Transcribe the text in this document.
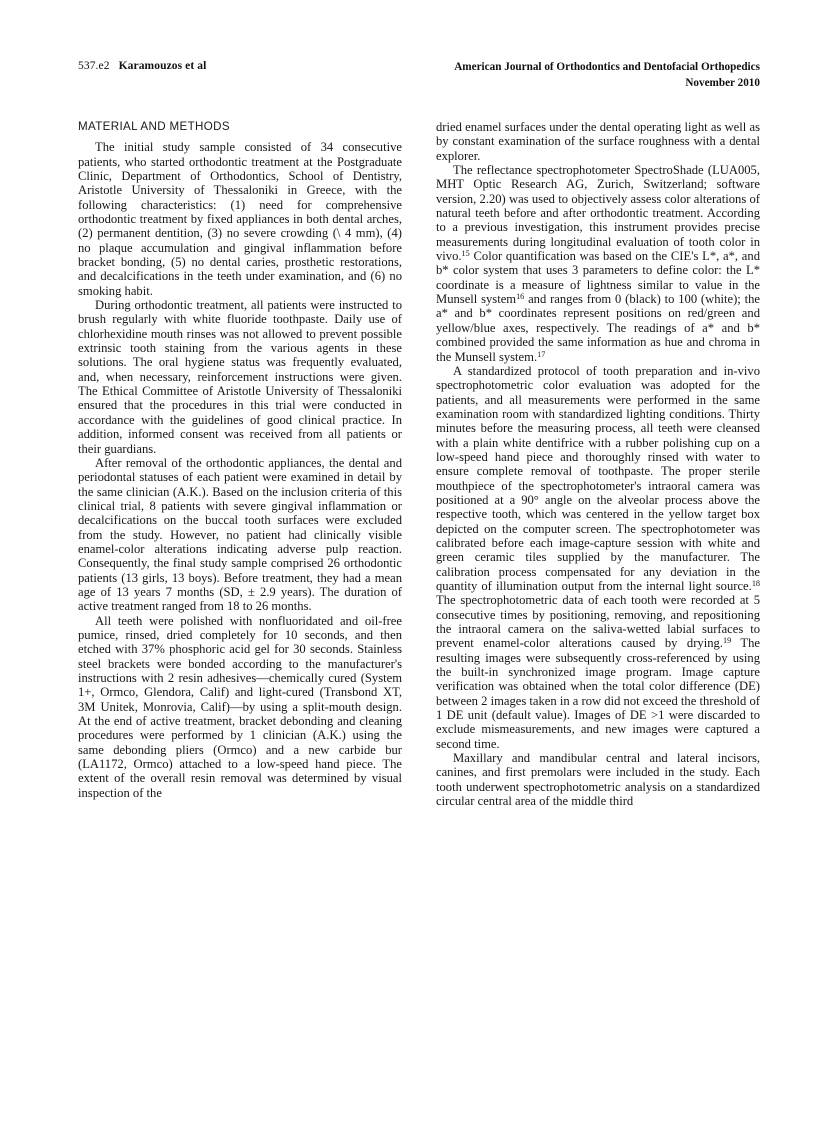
537.e2 Karamouzos et al	American Journal of Orthodontics and Dentofacial Orthopedics
November 2010
MATERIAL AND METHODS

The initial study sample consisted of 34 consecutive patients, who started orthodontic treatment at the Postgraduate Clinic, Department of Orthodontics, School of Dentistry, Aristotle University of Thessaloniki in Greece, with the following characteristics: (1) need for comprehensive orthodontic treatment by fixed appliances in both dental arches, (2) permanent dentition, (3) no severe crowding (\ 4 mm), (4) no plaque accumulation and gingival inflammation before bracket bonding, (5) no dental caries, prosthetic restorations, and decalcifications in the teeth under examination, and (6) no smoking habit.

During orthodontic treatment, all patients were instructed to brush regularly with white fluoride toothpaste. Daily use of chlorhexidine mouth rinses was not allowed to prevent possible extrinsic tooth staining from the various agents in these solutions. The oral hygiene status was frequently evaluated, and, when necessary, reinforcement instructions were given. The Ethical Committee of Aristotle University of Thessaloniki ensured that the procedures in this trial were conducted in accordance with the guidelines of good clinical practice. In addition, informed consent was received from all patients or their guardians.

After removal of the orthodontic appliances, the dental and periodontal statuses of each patient were examined in detail by the same clinician (A.K.). Based on the inclusion criteria of this clinical trial, 8 patients with severe gingival inflammation or decalcifications on the buccal tooth surfaces were excluded from the study. However, no patient had clinically visible enamel-color alterations indicating adverse pulp reaction. Consequently, the final study sample comprised 26 orthodontic patients (13 girls, 13 boys). Before treatment, they had a mean age of 13 years 7 months (SD, ± 2.9 years). The duration of active treatment ranged from 18 to 26 months.

All teeth were polished with nonfluoridated and oil-free pumice, rinsed, dried completely for 10 seconds, and then etched with 37% phosphoric acid gel for 30 seconds. Stainless steel brackets were bonded according to the manufacturer's instructions with 2 resin adhesives—chemically cured (System 1+, Ormco, Glendora, Calif) and light-cured (Transbond XT, 3M Unitek, Monrovia, Calif)—by using a split-mouth design. At the end of active treatment, bracket debonding and cleaning procedures were performed by 1 clinician (A.K.) using the same debonding pliers (Ormco) and a new carbide bur (LA1172, Ormco) attached to a low-speed hand piece. The extent of the overall resin removal was determined by visual inspection of the

dried enamel surfaces under the dental operating light as well as by constant examination of the surface roughness with a dental explorer.

The reflectance spectrophotometer SpectroShade (LUA005, MHT Optic Research AG, Zurich, Switzerland; software version, 2.20) was used to objectively assess color alterations of natural teeth before and after orthodontic treatment. According to a previous investigation, this instrument provides precise measurements during longitudinal evaluation of tooth color in vivo.$^{15}$ Color quantification was based on the CIE's L*, a*, and b* color system that uses 3 parameters to define color: the L* coordinate is a measure of lightness similar to value in the Munsell system$^{16}$ and ranges from 0 (black) to 100 (white); the a* and b* coordinates represent positions on red/green and yellow/blue axes, respectively. The readings of a* and b* combined provided the same information as hue and chroma in the Munsell system.$^{17}$

A standardized protocol of tooth preparation and in-vivo spectrophotometric color evaluation was adopted for the patients, and all measurements were performed in the same examination room with standardized lighting conditions. Thirty minutes before the measuring process, all teeth were cleansed with a plain white dentifrice with a rubber polishing cup on a low-speed hand piece and thoroughly rinsed with water to ensure complete removal of toothpaste. The proper sterile mouthpiece of the spectrophotometer's intraoral camera was positioned at a 90° angle on the alveolar process above the respective tooth, which was centered in the yellow target box depicted on the computer screen. The spectrophotometer was calibrated before each image-capture session with white and green ceramic tiles supplied by the manufacturer. The calibration process compensated for any deviation in the quantity of illumination output from the internal light source.$^{18}$ The spectrophotometric data of each tooth were recorded at 5 consecutive times by positioning, removing, and repositioning the intraoral camera on the saliva-wetted labial surfaces to prevent enamel-color alterations caused by drying.$^{19}$ The resulting images were subsequently cross-referenced by using the built-in synchronized image program. Image capture verification was obtained when the total color difference (DE) between 2 images taken in a row did not exceed the threshold of 1 DE unit (default value). Images of DE >1 were discarded to exclude mismeasurements, and new images were captured a second time.

Maxillary and mandibular central and lateral incisors, canines, and first premolars were included in the study. Each tooth underwent spectrophotometric analysis on a standardized circular central area of the middle third
